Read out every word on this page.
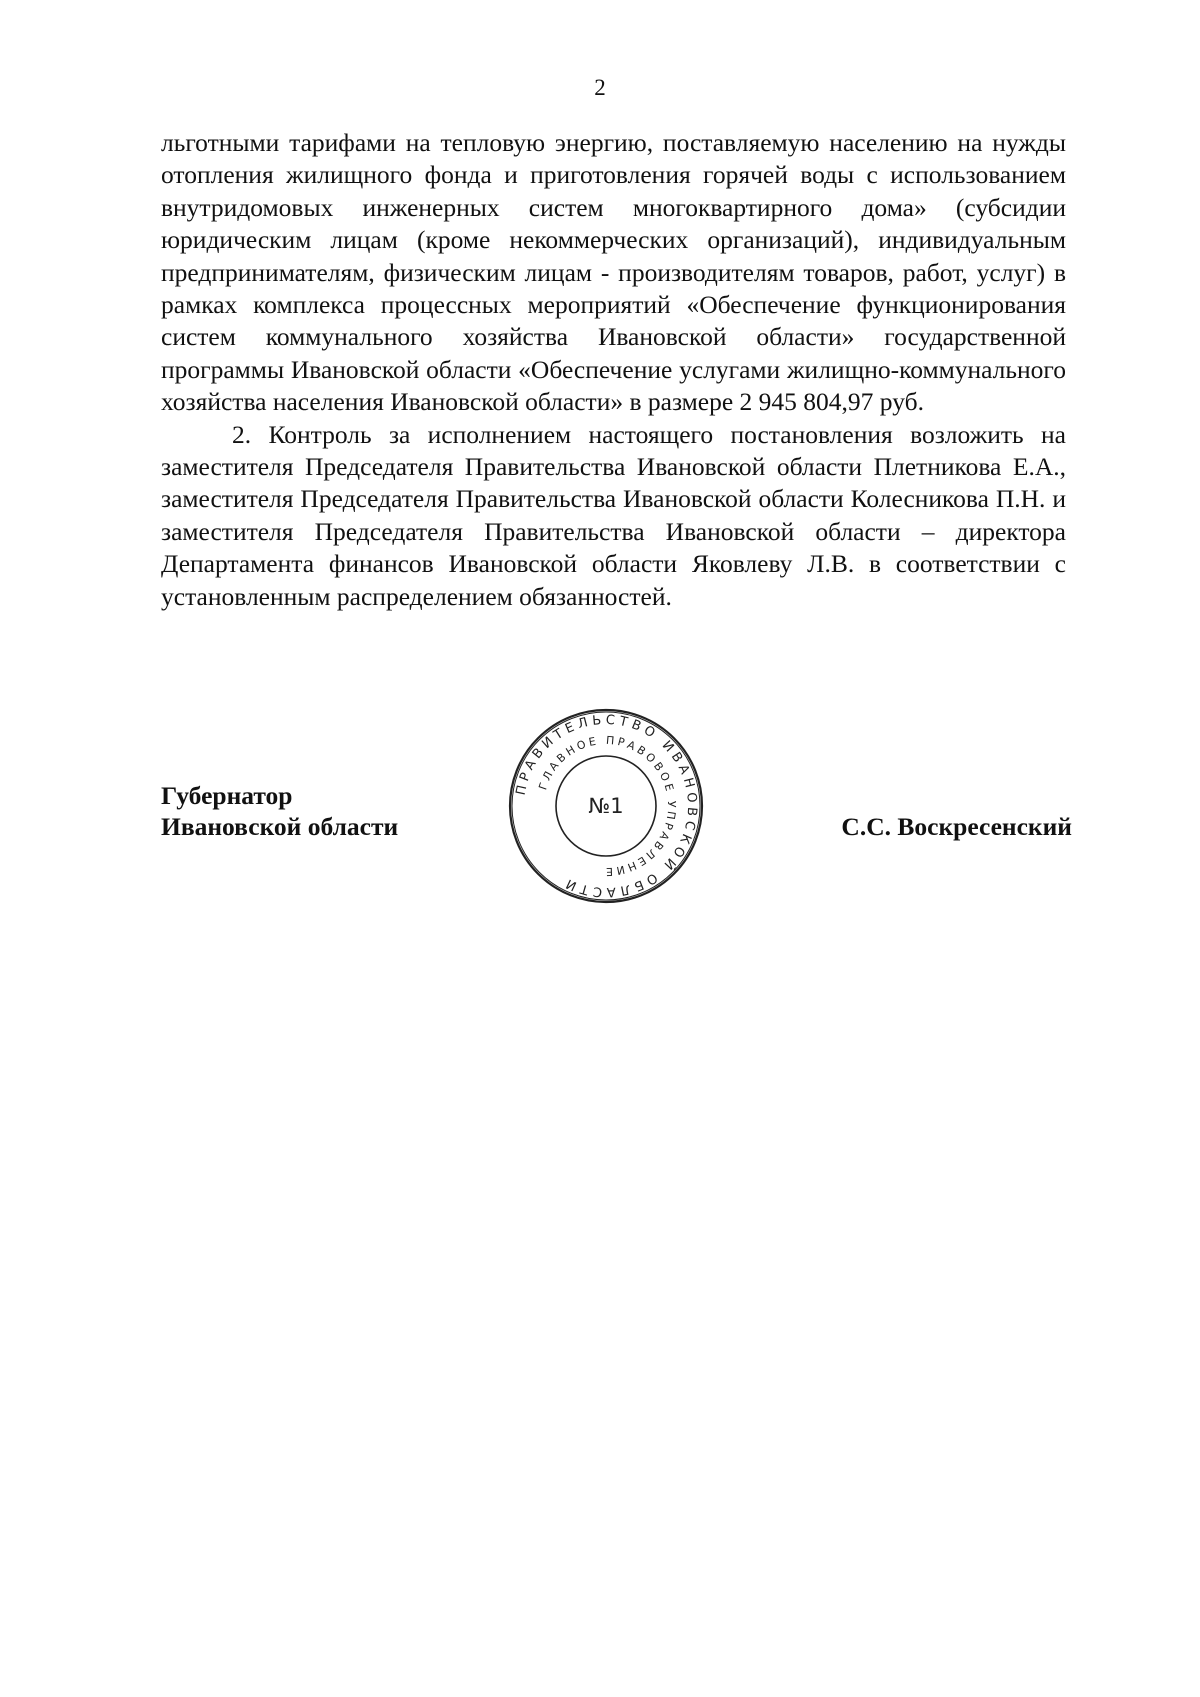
2

льготными тарифами на тепловую энергию, поставляемую населению на нужды отопления жилищного фонда и приготовления горячей воды с использованием внутридомовых инженерных систем многоквартирного дома» (субсидии юридическим лицам (кроме некоммерческих организаций), индивидуальным предпринимателям, физическим лицам - производителям товаров, работ, услуг) в рамках комплекса процессных мероприятий «Обеспечение функционирования систем коммунального хозяйства Ивановской области» государственной программы Ивановской области «Обеспечение услугами жилищно-коммунального хозяйства населения Ивановской области» в размере 2 945 804,97 руб.

2. Контроль за исполнением настоящего постановления возложить на заместителя Председателя Правительства Ивановской области Плетникова Е.А., заместителя Председателя Правительства Ивановской области Колесникова П.Н. и заместителя Председателя Правительства Ивановской области – директора Департамента финансов Ивановской области Яковлеву Л.В. в соответствии с установленным распределением обязанностей.

Губернатор
Ивановской области	С.С. Воскресенский
ПРАВИТЕЛЬСТВО ИВАНОВСКОЙ ОБЛАСТИ
ГЛАВНОЕ ПРАВОВОЕ УПРАВЛЕНИЕ
№1
